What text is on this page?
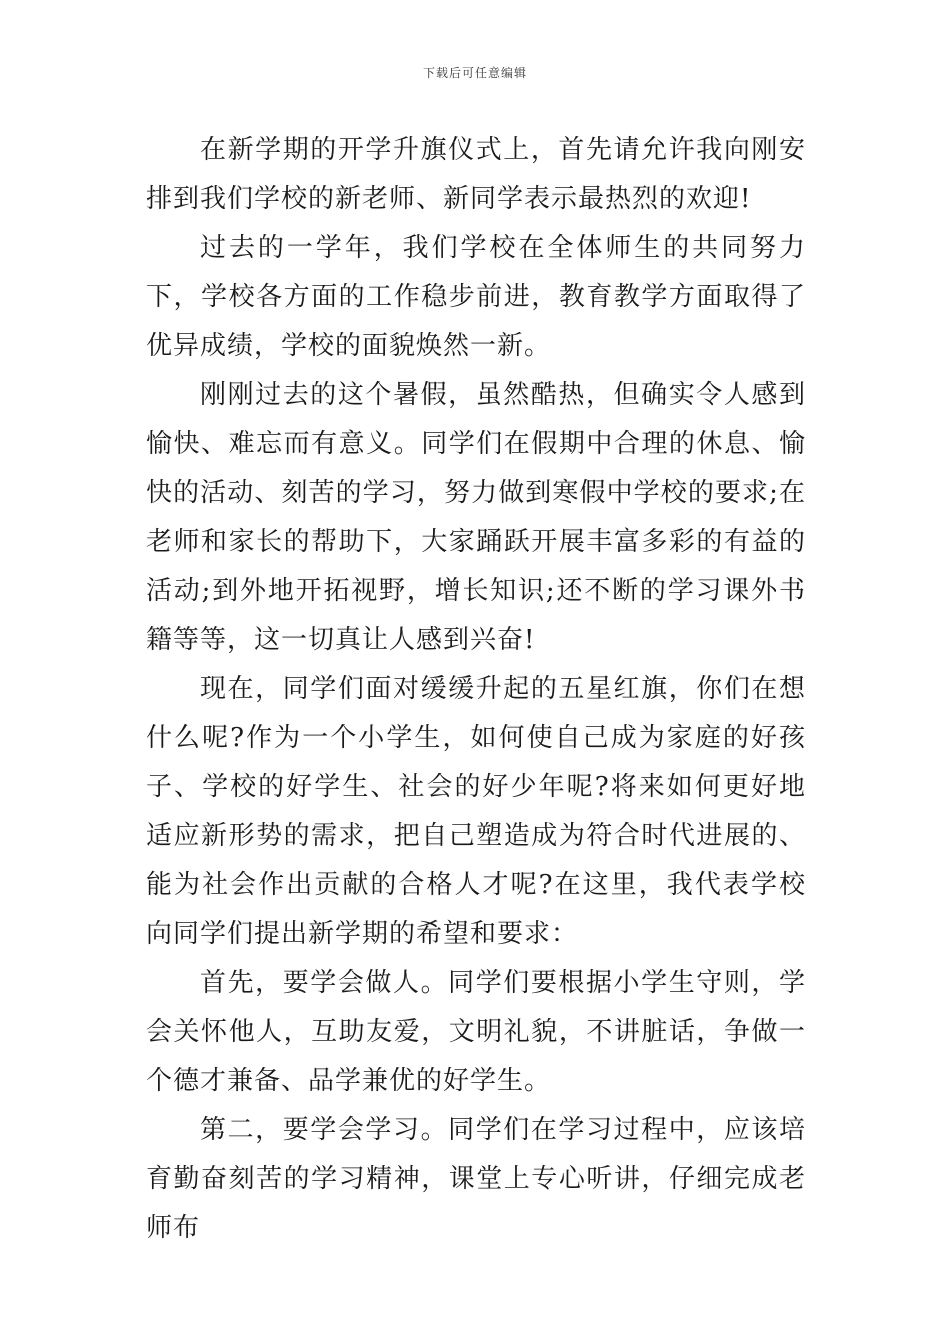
下载后可任意编辑

在新学期的开学升旗仪式上，首先请允许我向刚安排到我们学校的新老师、新同学表示最热烈的欢迎!

过去的一学年，我们学校在全体师生的共同努力下，学校各方面的工作稳步前进，教育教学方面取得了优异成绩，学校的面貌焕然一新。

刚刚过去的这个暑假，虽然酷热，但确实令人感到愉快、难忘而有意义。同学们在假期中合理的休息、愉快的活动、刻苦的学习，努力做到寒假中学校的要求;在老师和家长的帮助下，大家踊跃开展丰富多彩的有益的活动;到外地开拓视野，增长知识;还不断的学习课外书籍等等，这一切真让人感到兴奋!

现在，同学们面对缓缓升起的五星红旗，你们在想什么呢?作为一个小学生，如何使自己成为家庭的好孩子、学校的好学生、社会的好少年呢?将来如何更好地适应新形势的需求，把自己塑造成为符合时代进展的、能为社会作出贡献的合格人才呢?在这里，我代表学校向同学们提出新学期的希望和要求：

首先，要学会做人。同学们要根据小学生守则，学会关怀他人，互助友爱，文明礼貌，不讲脏话，争做一个德才兼备、品学兼优的好学生。

第二，要学会学习。同学们在学习过程中，应该培育勤奋刻苦的学习精神，课堂上专心听讲，仔细完成老师布
